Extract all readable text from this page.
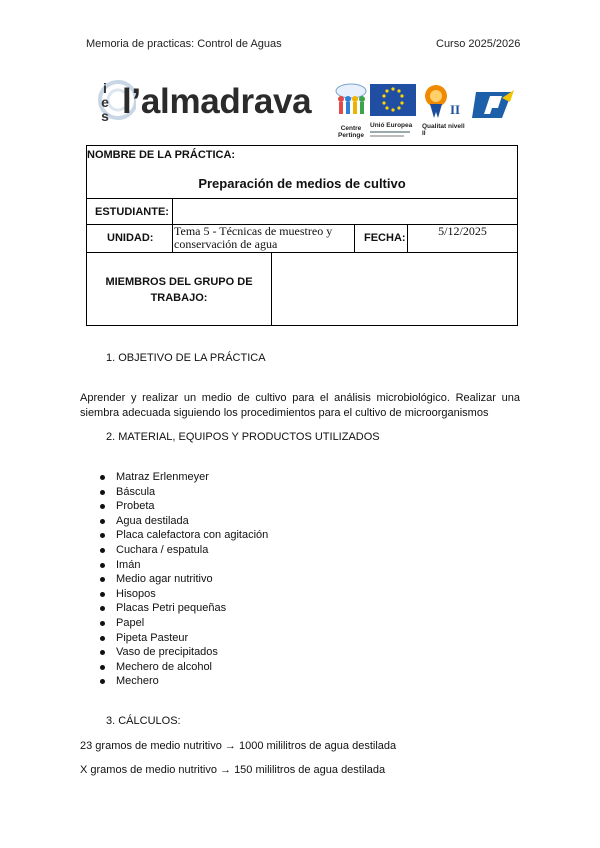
Memoria de practicas: Control de Aguas	Curso 2025/2026
ies l’almadrava
Centre Pertinge
Unió Europea
II
Qualitat nivell II
NOMBRE DE LA PRÁCTICA:
Preparación de medios de cultivo
ESTUDIANTE:
UNIDAD: Tema 5 - Técnicas de muestreo y conservación de agua	FECHA:	5/12/2025
MIEMBROS DEL GRUPO DE TRABAJO:
1. OBJETIVO DE LA PRÁCTICA
Aprender y realizar un medio de cultivo para el análisis microbiológico. Realizar una siembra adecuada siguiendo los procedimientos para el cultivo de microorganismos
2. MATERIAL, EQUIPOS Y PRODUCTOS UTILIZADOS
Matraz Erlenmeyer
Báscula
Probeta
Agua destilada
Placa calefactora con agitación
Cuchara / espatula
Imán
Medio agar nutritivo
Hisopos
Placas Petri pequeñas
Papel
Pipeta Pasteur
Vaso de precipitados
Mechero de alcohol
Mechero
3. CÁLCULOS:
23 gramos de medio nutritivo → 1000 mililitros de agua destilada
X gramos de medio nutritivo → 150 mililitros de agua destilada
